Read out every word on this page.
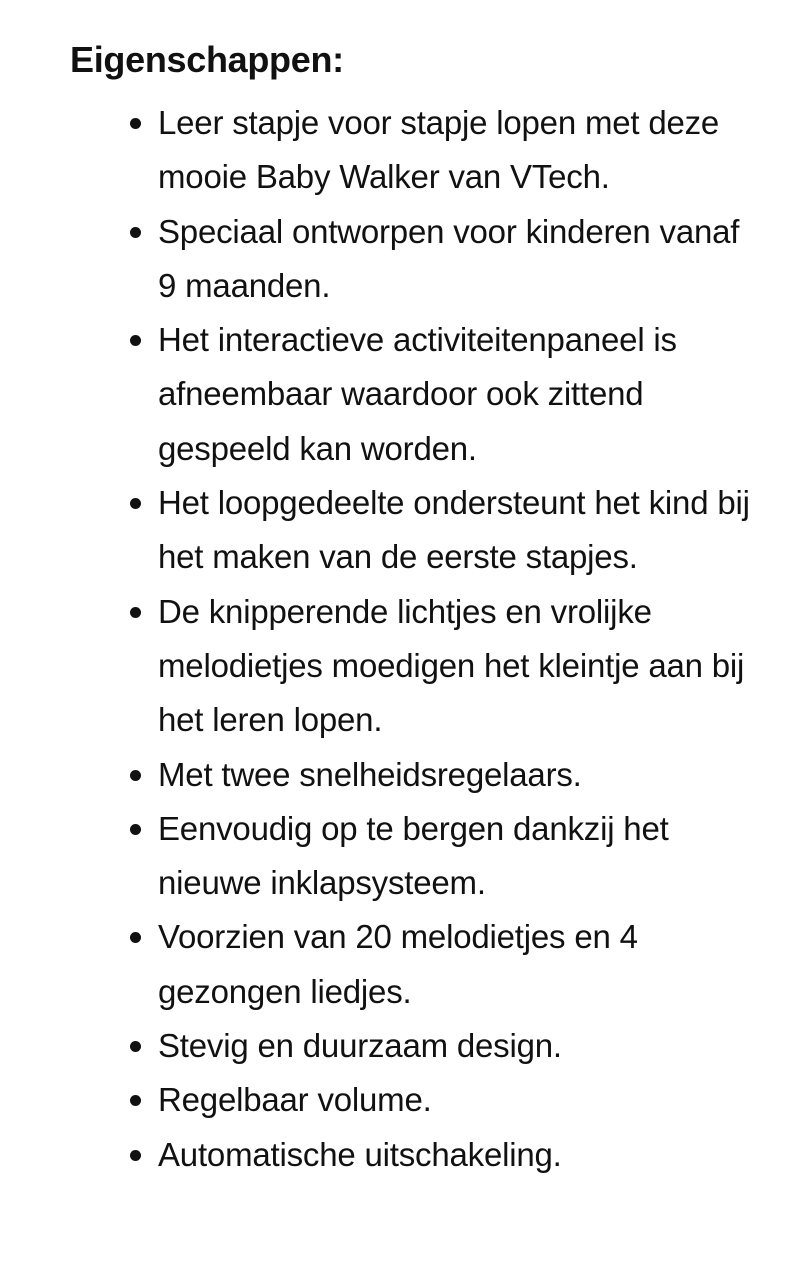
Eigenschappen:
Leer stapje voor stapje lopen met deze mooie Baby Walker van VTech.
Speciaal ontworpen voor kinderen vanaf 9 maanden.
Het interactieve activiteitenpaneel is afneembaar waardoor ook zittend gespeeld kan worden.
Het loopgedeelte ondersteunt het kind bij het maken van de eerste stapjes.
De knipperende lichtjes en vrolijke melodietjes moedigen het kleintje aan bij het leren lopen.
Met twee snelheidsregelaars.
Eenvoudig op te bergen dankzij het nieuwe inklapsysteem.
Voorzien van 20 melodietjes en 4 gezongen liedjes.
Stevig en duurzaam design.
Regelbaar volume.
Automatische uitschakeling.
